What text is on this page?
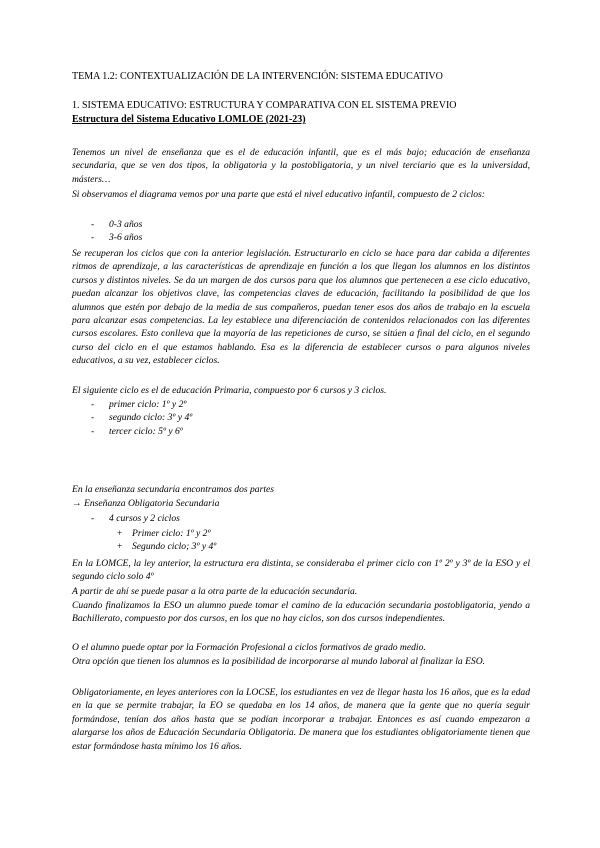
TEMA 1.2: CONTEXTUALIZACIÓN DE LA INTERVENCIÓN: SISTEMA EDUCATIVO

1. SISTEMA EDUCATIVO: ESTRUCTURA Y COMPARATIVA CON EL SISTEMA PREVIO

Estructura del Sistema Educativo LOMLOE (2021-23)

Tenemos un nivel de enseñanza que es el de educación infantil, que es el más bajo; educación de enseñanza secundaria, que se ven dos tipos, la obligatoria y la postobligatoria, y un nivel terciario que es la universidad, másters…

Si observamos el diagrama vemos por una parte que está el nivel educativo infantil, compuesto de 2 ciclos:

- 0-3 años
- 3-6 años

Se recuperan los ciclos que con la anterior legislación. Estructurarlo en ciclo se hace para dar cabida a diferentes ritmos de aprendizaje, a las características de aprendizaje en función a los que llegan los alumnos en los distintos cursos y distintos niveles. Se da un margen de dos cursos para que los alumnos que pertenecen a ese ciclo educativo, puedan alcanzar los objetivos clave, las competencias claves de educación, facilitando la posibilidad de que los alumnos que estén por debajo de la media de sus compañeros, puedan tener esos dos años de trabajo en la escuela para alcanzar esas competencias. La ley establece una diferenciación de contenidos relacionados con las diferentes cursos escolares. Esto conlleva que la mayoría de las repeticiones de curso, se sitúen a final del ciclo, en el segundo curso del ciclo en el que estamos hablando. Esa es la diferencia de establecer cursos o para algunos niveles educativos, a su vez, establecer ciclos.

El siguiente ciclo es el de educación Primaria, compuesto por 6 cursos y 3 ciclos.

- primer ciclo: 1º y 2º
- segundo ciclo: 3º y 4º
- tercer ciclo: 5º y 6º

En la enseñanza secundaria encontramos dos partes

→ Enseñanza Obligatoria Secundaria

- 4 cursos y 2 ciclos
+ Primer ciclo: 1º y 2º
+ Segundo ciclo; 3º y 4º

En la LOMCE, la ley anterior, la estructura era distinta, se consideraba el primer ciclo con 1º 2º y 3º de la ESO y el segundo ciclo solo 4º

A partir de ahí se puede pasar a la otra parte de la educación secundaria.

Cuando finalizamos la ESO un alumno puede tomar el camino de la educación secundaria postobligatoria, yendo a Bachillerato, compuesto por dos cursos, en los que no hay ciclos, son dos cursos independientes.

O el alumno puede optar por la Formación Profesional a ciclos formativos de grado medio.

Otra opción que tienen los alumnos es la posibilidad de incorporarse al mundo laboral al finalizar la ESO.

Obligatoriamente, en leyes anteriores con la LOCSE, los estudiantes en vez de llegar hasta los 16 años, que es la edad en la que se permite trabajar, la EO se quedaba en los 14 años, de manera que la gente que no quería seguir formándose, tenían dos años hasta que se podían incorporar a trabajar. Entonces es así cuando empezaron a alargarse los años de Educación Secundaria Obligatoria. De manera que los estudiantes obligatoriamente tienen que estar formándose hasta mínimo los 16 años.
